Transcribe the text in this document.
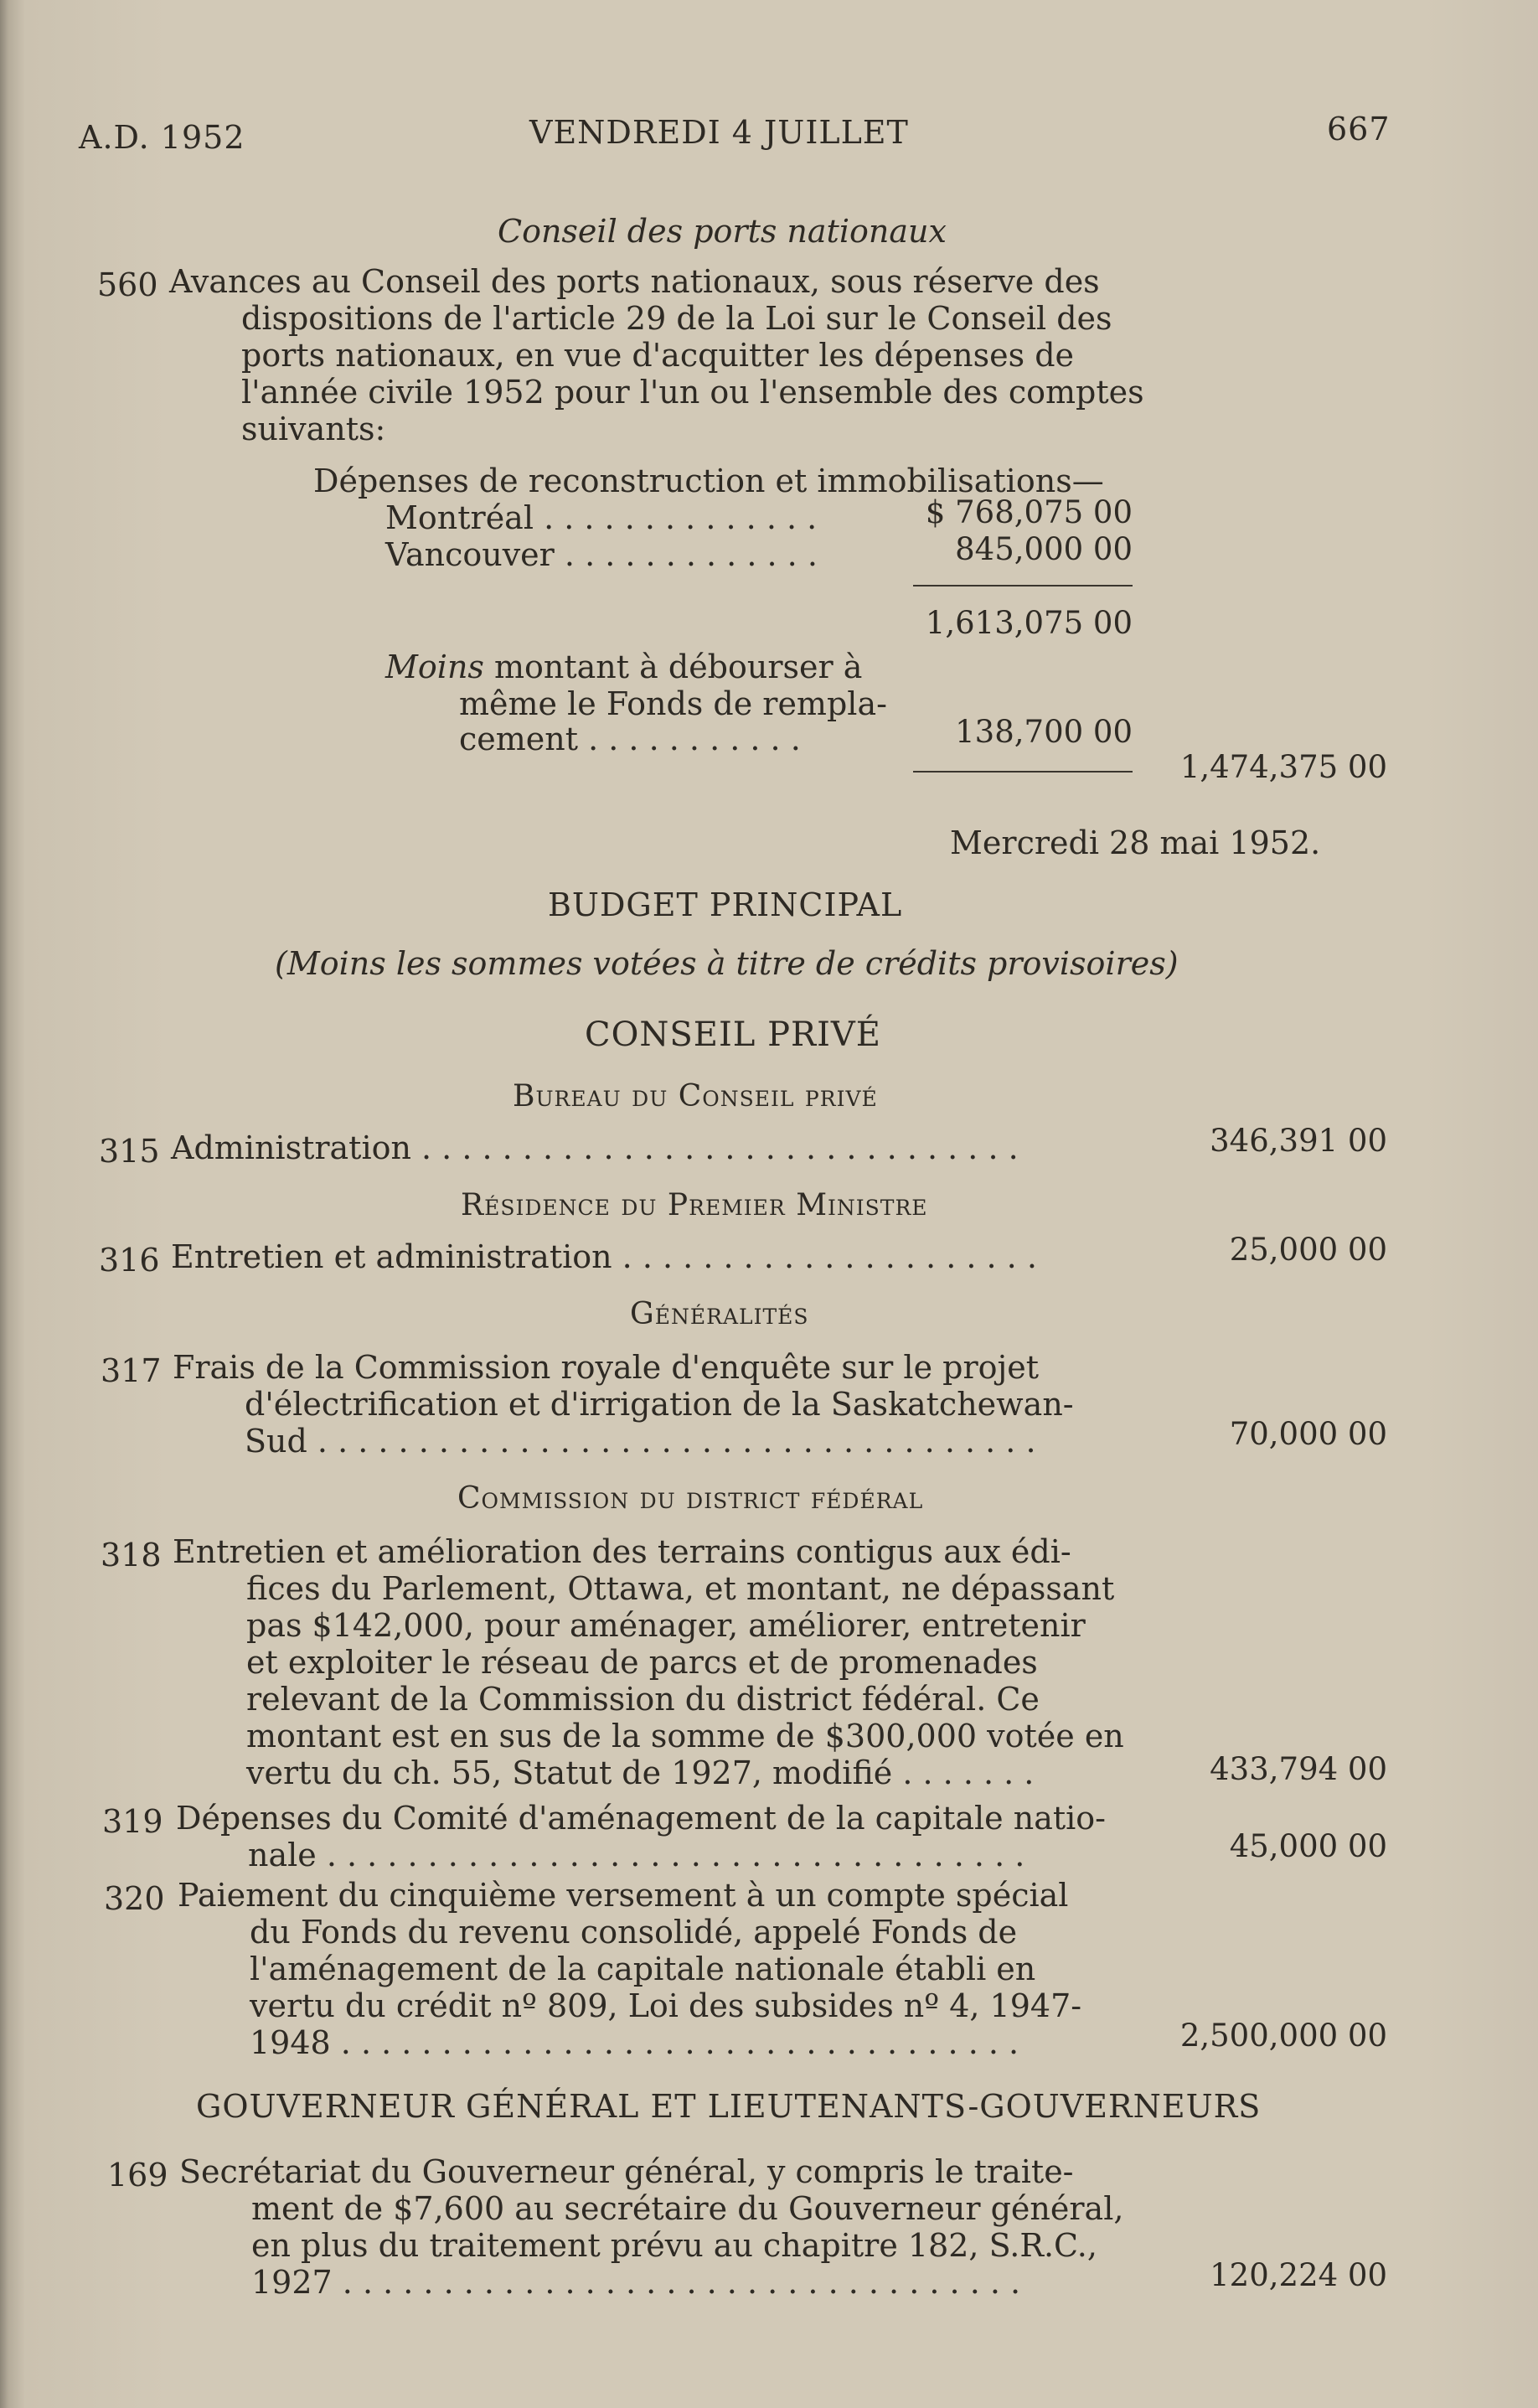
A.D. 1952	VENDREDI 4 JUILLET	667
Conseil des ports nationaux
560 Avances au Conseil des ports nationaux, sous réserve des
dispositions de l'article 29 de la Loi sur le Conseil des
ports nationaux, en vue d'acquitter les dépenses de
l'année civile 1952 pour l'un ou l'ensemble des comptes
suivants:
Dépenses de reconstruction et immobilisations—
Montréal . . . . . . . . . . . . . .	$ 768,075 00
Vancouver . . . . . . . . . . . . .	845,000 00
1,613,075 00
Moins montant à débourser à
même le Fonds de rempla-
cement . . . . . . . . . . .	138,700 00
1,474,375 00
Mercredi 28 mai 1952.
BUDGET PRINCIPAL
(Moins les sommes votées à titre de crédits provisoires)
CONSEIL PRIVÉ
Bureau du Conseil privé
315 Administration . . . . . . . . . . . . . . . . . . . . . . . . . . . . . .	346,391 00
Résidence du Premier Ministre
316 Entretien et administration . . . . . . . . . . . . . . . . . . . . .	25,000 00
Généralités
317 Frais de la Commission royale d'enquête sur le projet
d'électrification et d'irrigation de la Saskatchewan-
Sud . . . . . . . . . . . . . . . . . . . . . . . . . . . . . . . . . . . .	70,000 00
Commission du district fédéral
318 Entretien et amélioration des terrains contigus aux édi-
fices du Parlement, Ottawa, et montant, ne dépassant
pas $142,000, pour aménager, améliorer, entretenir
et exploiter le réseau de parcs et de promenades
relevant de la Commission du district fédéral. Ce
montant est en sus de la somme de $300,000 votée en
vertu du ch. 55, Statut de 1927, modifié . . . . . . .	433,794 00
319 Dépenses du Comité d'aménagement de la capitale natio-
nale . . . . . . . . . . . . . . . . . . . . . . . . . . . . . . . . . . .	45,000 00
320 Paiement du cinquième versement à un compte spécial
du Fonds du revenu consolidé, appelé Fonds de
l'aménagement de la capitale nationale établi en
vertu du crédit nº 809, Loi des subsides nº 4, 1947-
1948 . . . . . . . . . . . . . . . . . . . . . . . . . . . . . . . . . .	2,500,000 00
GOUVERNEUR GÉNÉRAL ET LIEUTENANTS-GOUVERNEURS
169 Secrétariat du Gouverneur général, y compris le traite-
ment de $7,600 au secrétaire du Gouverneur général,
en plus du traitement prévu au chapitre 182, S.R.C.,
1927 . . . . . . . . . . . . . . . . . . . . . . . . . . . . . . . . . .	120,224 00
